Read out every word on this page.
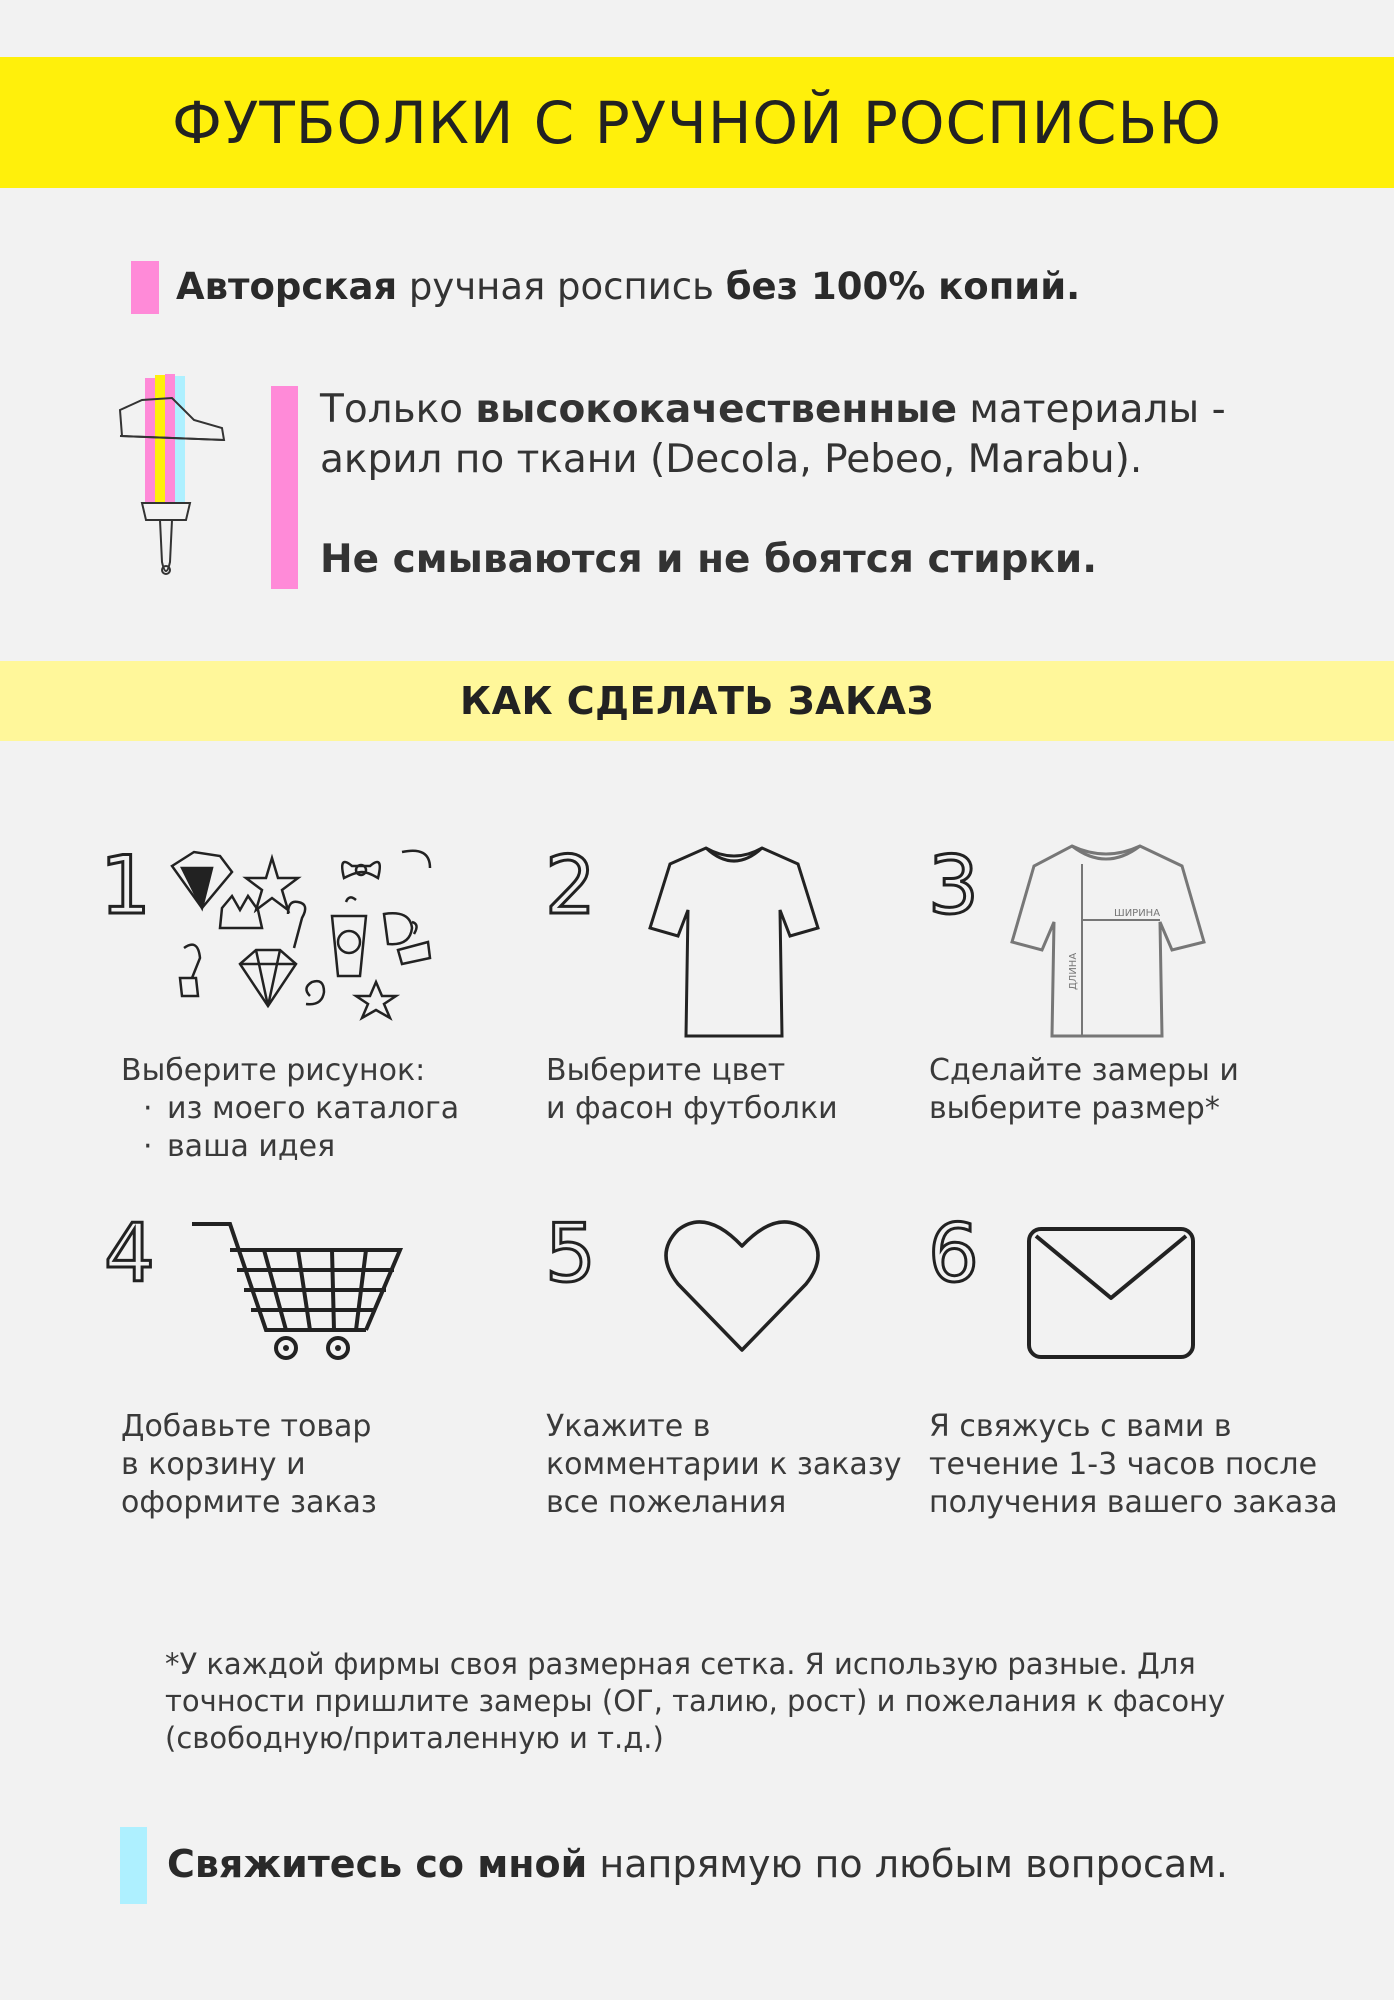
ФУТБОЛКИ С РУЧНОЙ РОСПИСЬЮ
Авторская ручная роспись без 100% копий.
Только высококачественные материалы -
акрил по ткани (Decola, Pebeo, Marabu).
Не смываются и не боятся стирки.
КАК СДЕЛАТЬ ЗАКАЗ
1
Выберите рисунок:
· из моего каталога
· ваша идея
2
Выберите цвет
и фасон футболки
3	ШИРИНА
ДЛИНА
Сделайте замеры и
выберите размер*
4
Добавьте товар
в корзину и
оформите заказ
5
Укажите в
комментарии к заказу
все пожелания
6
Я свяжусь с вами в
течение 1-3 часов после
получения вашего заказа
*У каждой фирмы своя размерная сетка. Я использую разные. Для
точности пришлите замеры (ОГ, талию, рост) и пожелания к фасону
(свободную/приталенную и т.д.)
Свяжитесь со мной напрямую по любым вопросам.
